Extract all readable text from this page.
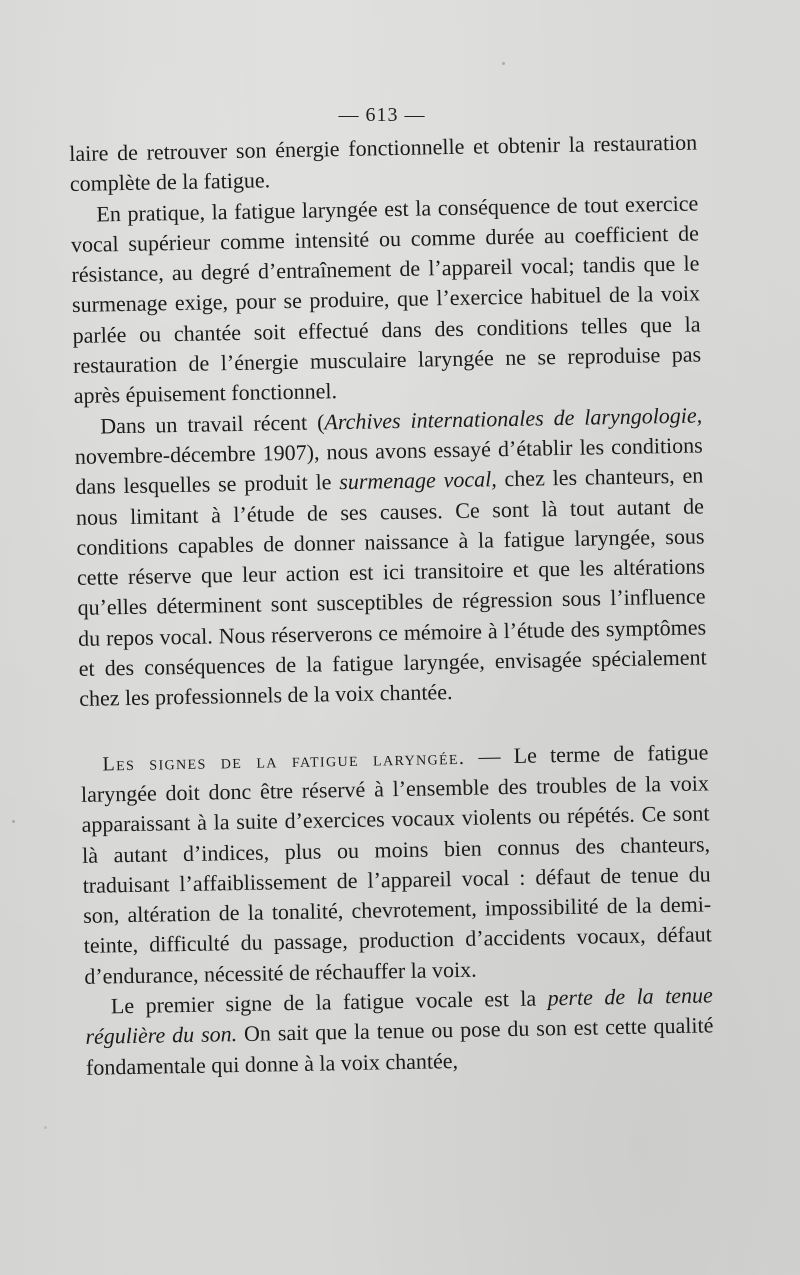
— 613 —

laire de retrouver son énergie fonctionnelle et obtenir la restauration complète de la fatigue.

En pratique, la fatigue laryngée est la conséquence de tout exercice vocal supérieur comme intensité ou comme durée au coefficient de résistance, au degré d’entraînement de l’appareil vocal; tandis que le surmenage exige, pour se produire, que l’exercice habituel de la voix parlée ou chantée soit effectué dans des conditions telles que la restauration de l’énergie musculaire laryngée ne se reproduise pas après épuisement fonctionnel.

Dans un travail récent (Archives internationales de laryngologie, novembre-décembre 1907), nous avons essayé d’établir les conditions dans lesquelles se produit le surmenage vocal, chez les chanteurs, en nous limitant à l’étude de ses causes. Ce sont là tout autant de conditions capables de donner naissance à la fatigue laryngée, sous cette réserve que leur action est ici transitoire et que les altérations qu’elles déterminent sont susceptibles de régression sous l’influence du repos vocal. Nous réserverons ce mémoire à l’étude des symptômes et des conséquences de la fatigue laryngée, envisagée spécialement chez les professionnels de la voix chantée.

Les signes de la fatigue laryngée. — Le terme de fatigue laryngée doit donc être réservé à l’ensemble des troubles de la voix apparaissant à la suite d’exercices vocaux violents ou répétés. Ce sont là autant d’indices, plus ou moins bien connus des chanteurs, traduisant l’affaiblissement de l’appareil vocal : défaut de tenue du son, altération de la tonalité, chevrotement, impossibilité de la demi-teinte, difficulté du passage, production d’accidents vocaux, défaut d’endurance, nécessité de réchauffer la voix.

Le premier signe de la fatigue vocale est la perte de la tenue régulière du son. On sait que la tenue ou pose du son est cette qualité fondamentale qui donne à la voix chantée,
